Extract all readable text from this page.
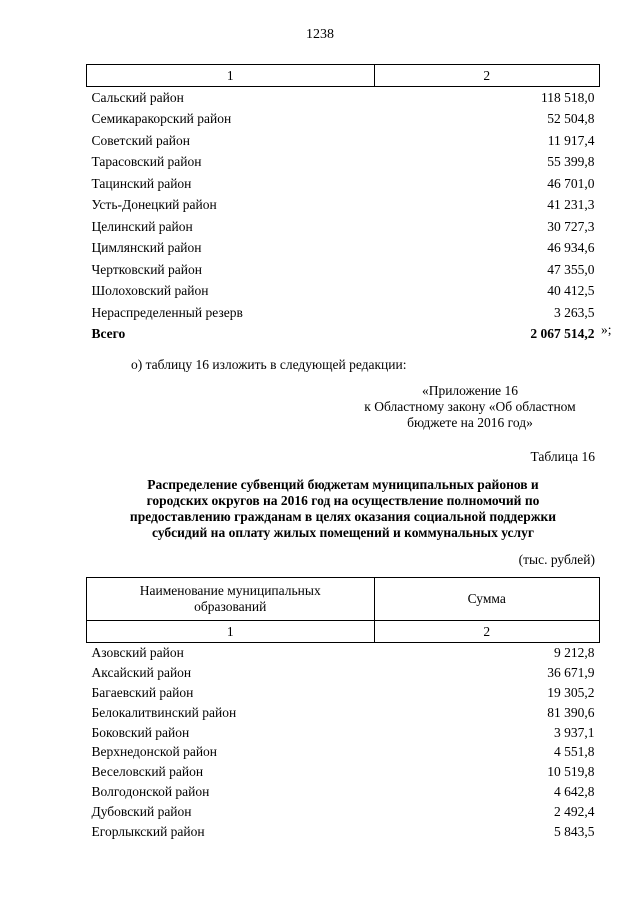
1238
1	2
Сальский район	118 518,0
Семикаракорский район	52 504,8
Советский район	11 917,4
Тарасовский район	55 399,8
Тацинский район	46 701,0
Усть-Донецкий район	41 231,3
Целинский район	30 727,3
Цимлянский район	46 934,6
Чертковский район	47 355,0
Шолоховский район	40 412,5
Нераспределенный резерв	3 263,5
Всего	2 067 514,2 »;
о) таблицу 16 изложить в следующей редакции:
«Приложение 16
к Областному закону «Об областном
бюджете на 2016 год»
Таблица 16
Распределение субвенций бюджетам муниципальных районов и
городских округов на 2016 год на осуществление полномочий по
предоставлению гражданам в целях оказания социальной поддержки
субсидий на оплату жилых помещений и коммунальных услуг
(тыс. рублей)
Наименование муниципальных
образований	Сумма
1	2
Азовский район	9 212,8
Аксайский район	36 671,9
Багаевский район	19 305,2
Белокалитвинский район	81 390,6
Боковский район	3 937,1
Верхнедонской район	4 551,8
Веселовский район	10 519,8
Волгодонской район	4 642,8
Дубовский район	2 492,4
Егорлыкский район	5 843,5
